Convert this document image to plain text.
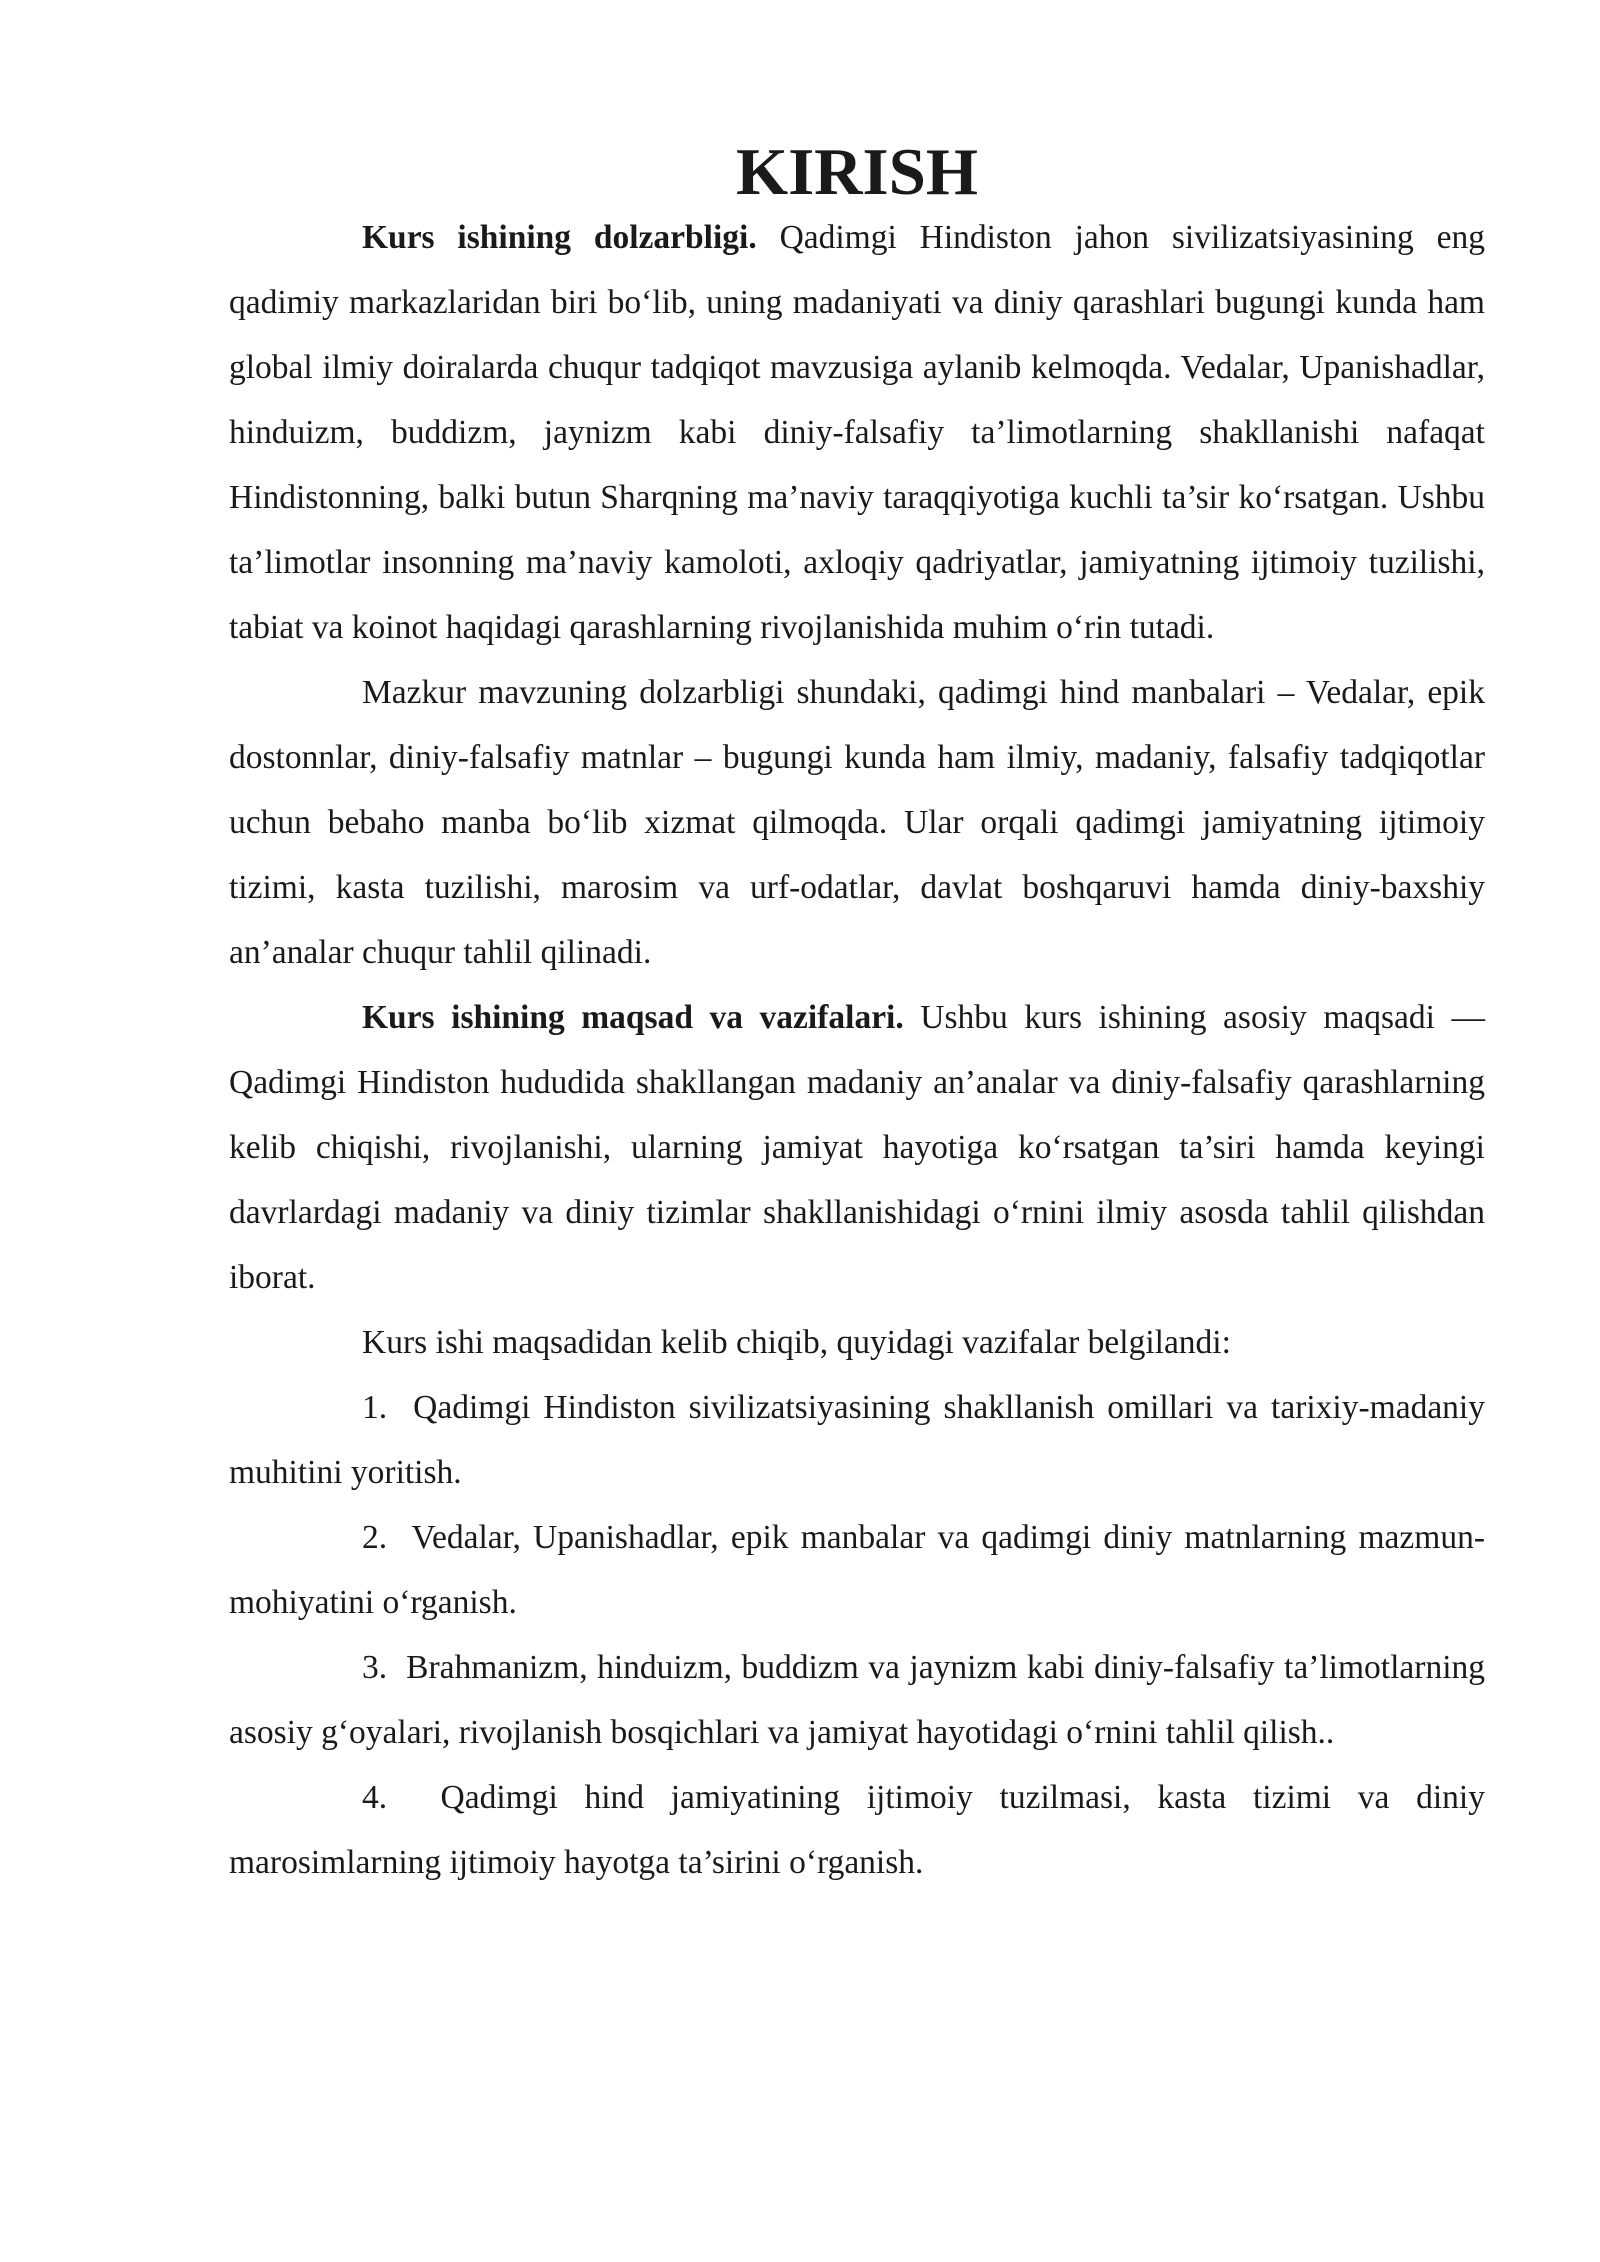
KIRISH

Kurs ishining dolzarbligi. Qadimgi Hindiston jahon sivilizatsiyasining eng qadimiy markazlaridan biri bo‘lib, uning madaniyati va diniy qarashlari bugungi kunda ham global ilmiy doiralarda chuqur tadqiqot mavzusiga aylanib kelmoqda. Vedalar, Upanishadlar, hinduizm, buddizm, jaynizm kabi diniy-falsafiy ta’limotlarning shakllanishi nafaqat Hindistonning, balki butun Sharqning ma’naviy taraqqiyotiga kuchli ta’sir ko‘rsatgan. Ushbu ta’limotlar insonning ma’naviy kamoloti, axloqiy qadriyatlar, jamiyatning ijtimoiy tuzilishi, tabiat va koinot haqidagi qarashlarning rivojlanishida muhim o‘rin tutadi.

Mazkur mavzuning dolzarbligi shundaki, qadimgi hind manbalari – Vedalar, epik dostonnlar, diniy-falsafiy matnlar – bugungi kunda ham ilmiy, madaniy, falsafiy tadqiqotlar uchun bebaho manba bo‘lib xizmat qilmoqda. Ular orqali qadimgi jamiyatning ijtimoiy tizimi, kasta tuzilishi, marosim va urf-odatlar, davlat boshqaruvi hamda diniy-baxshiy an’analar chuqur tahlil qilinadi.

Kurs ishining maqsad va vazifalari. Ushbu kurs ishining asosiy maqsadi — Qadimgi Hindiston hududida shakllangan madaniy an’analar va diniy-falsafiy qarashlarning kelib chiqishi, rivojlanishi, ularning jamiyat hayotiga ko‘rsatgan ta’siri hamda keyingi davrlardagi madaniy va diniy tizimlar shakllanishidagi o‘rnini ilmiy asosda tahlil qilishdan iborat.

Kurs ishi maqsadidan kelib chiqib, quyidagi vazifalar belgilandi:

1. Qadimgi Hindiston sivilizatsiyasining shakllanish omillari va tarixiy-madaniy muhitini yoritish.

2. Vedalar, Upanishadlar, epik manbalar va qadimgi diniy matnlarning mazmun-mohiyatini o‘rganish.

3. Brahmanizm, hinduizm, buddizm va jaynizm kabi diniy-falsafiy ta’limotlarning asosiy g‘oyalari, rivojlanish bosqichlari va jamiyat hayotidagi o‘rnini tahlil qilish..

4. Qadimgi hind jamiyatining ijtimoiy tuzilmasi, kasta tizimi va diniy marosimlarning ijtimoiy hayotga ta’sirini o‘rganish.
